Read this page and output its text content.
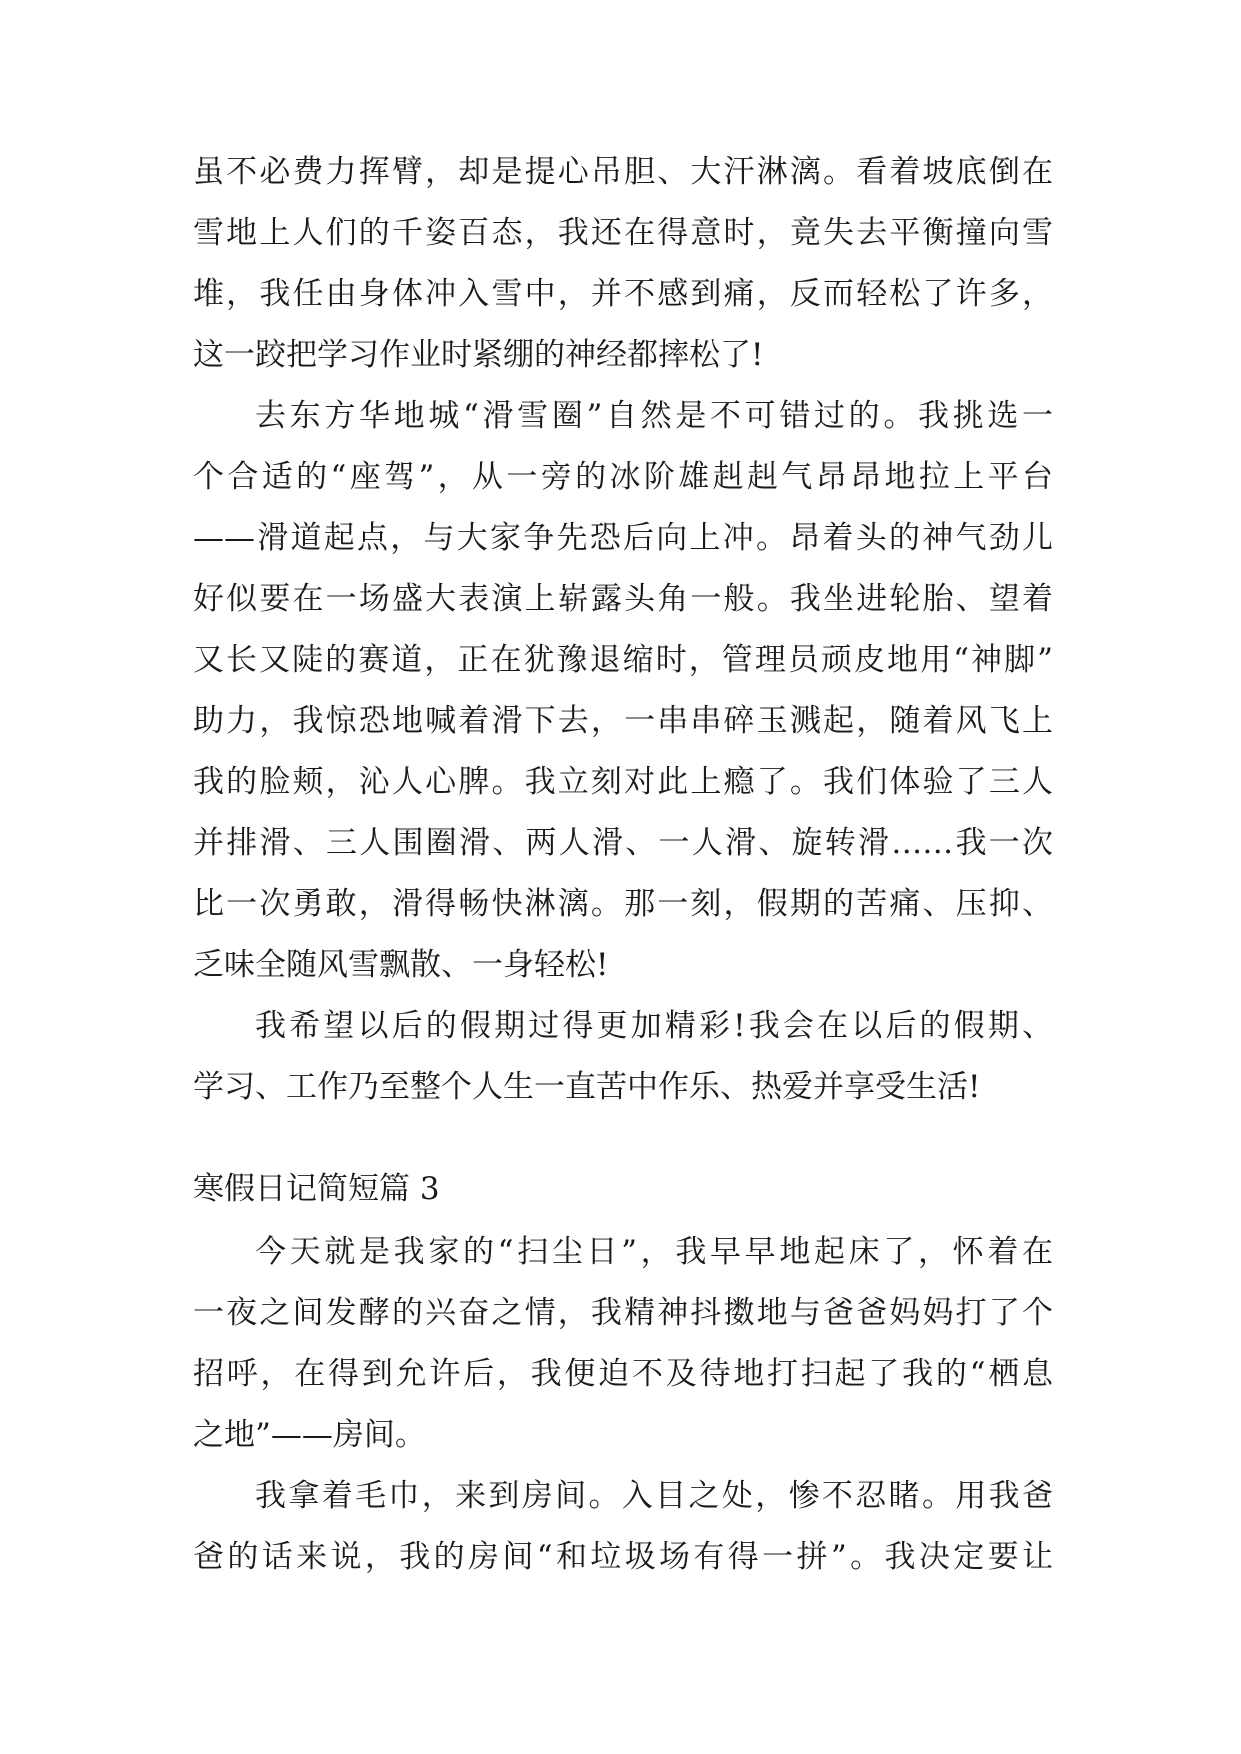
虽不必费力挥臂，却是提心吊胆、大汗淋漓。看着坡底倒在
雪地上人们的千姿百态，我还在得意时，竟失去平衡撞向雪
堆，我任由身体冲入雪中，并不感到痛，反而轻松了许多，
这一跤把学习作业时紧绷的神经都摔松了!
去东方华地城“滑雪圈”自然是不可错过的。我挑选一
个合适的“座驾”，从一旁的冰阶雄赳赳气昂昂地拉上平台
——滑道起点，与大家争先恐后向上冲。昂着头的神气劲儿
好似要在一场盛大表演上崭露头角一般。我坐进轮胎、望着
又长又陡的赛道，正在犹豫退缩时，管理员顽皮地用“神脚”
助力，我惊恐地喊着滑下去，一串串碎玉溅起，随着风飞上
我的脸颊，沁人心脾。我立刻对此上瘾了。我们体验了三人
并排滑、三人围圈滑、两人滑、一人滑、旋转滑……我一次
比一次勇敢，滑得畅快淋漓。那一刻，假期的苦痛、压抑、
乏味全随风雪飘散、一身轻松!
我希望以后的假期过得更加精彩!我会在以后的假期、
学习、工作乃至整个人生一直苦中作乐、热爱并享受生活!
寒假日记简短篇 3
今天就是我家的“扫尘日”，我早早地起床了，怀着在
一夜之间发酵的兴奋之情，我精神抖擞地与爸爸妈妈打了个
招呼，在得到允许后，我便迫不及待地打扫起了我的“栖息
之地”——房间。
我拿着毛巾，来到房间。入目之处，惨不忍睹。用我爸
爸的话来说，我的房间“和垃圾场有得一拼”。我决定要让
